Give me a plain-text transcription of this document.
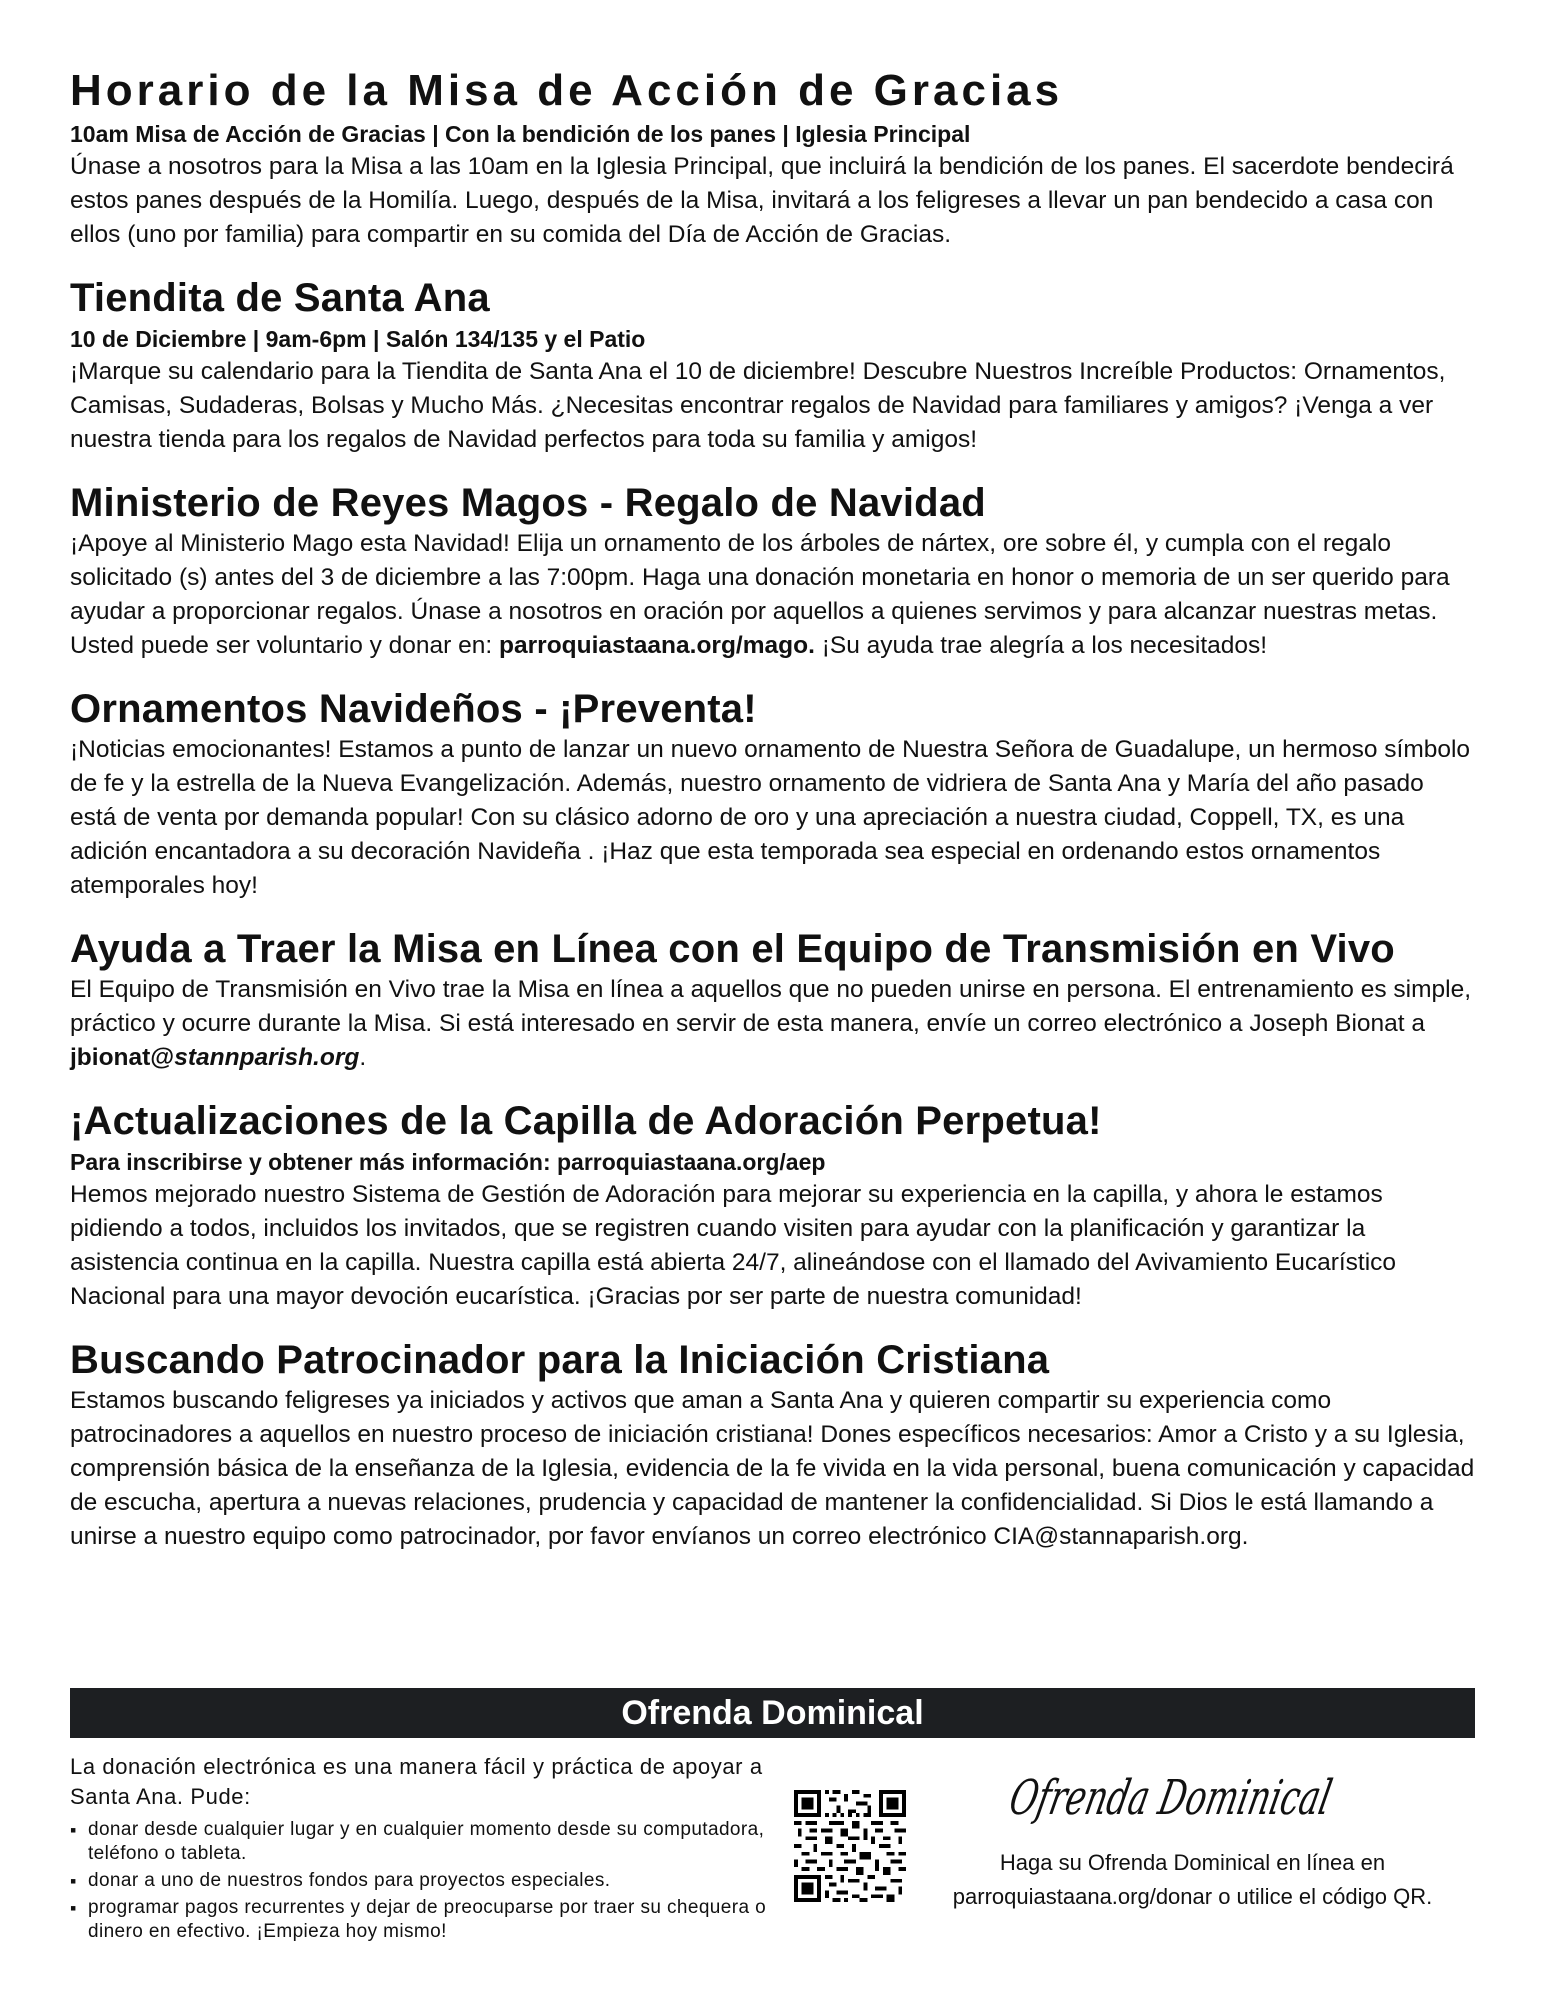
Horario de la Misa de Acción de Gracias
10am Misa de Acción de Gracias | Con la bendición de los panes | Iglesia Principal

Únase a nosotros para la Misa a las 10am en la Iglesia Principal, que incluirá la bendición de los panes. El sacerdote bendecirá estos panes después de la Homilía. Luego, después de la Misa, invitará a los feligreses a llevar un pan bendecido a casa con ellos (uno por familia) para compartir en su comida del Día de Acción de Gracias.

Tiendita de Santa Ana
10 de Diciembre | 9am-6pm | Salón 134/135 y el Patio

¡Marque su calendario para la Tiendita de Santa Ana el 10 de diciembre! Descubre Nuestros Increíble Productos: Ornamentos, Camisas, Sudaderas, Bolsas y Mucho Más. ¿Necesitas encontrar regalos de Navidad para familiares y amigos? ¡Venga a ver nuestra tienda para los regalos de Navidad perfectos para toda su familia y amigos!

Ministerio de Reyes Magos - Regalo de Navidad

¡Apoye al Ministerio Mago esta Navidad! Elija un ornamento de los árboles de nártex, ore sobre él, y cumpla con el regalo solicitado (s) antes del 3 de diciembre a las 7:00pm. Haga una donación monetaria en honor o memoria de un ser querido para ayudar a proporcionar regalos. Únase a nosotros en oración por aquellos a quienes servimos y para alcanzar nuestras metas. Usted puede ser voluntario y donar en: parroquiastaana.org/mago. ¡Su ayuda trae alegría a los necesitados!

Ornamentos Navideños - ¡Preventa!

¡Noticias emocionantes! Estamos a punto de lanzar un nuevo ornamento de Nuestra Señora de Guadalupe, un hermoso símbolo de fe y la estrella de la Nueva Evangelización. Además, nuestro ornamento de vidriera de Santa Ana y María del año pasado está de venta por demanda popular! Con su clásico adorno de oro y una apreciación a nuestra ciudad, Coppell, TX, es una adición encantadora a su decoración Navideña . ¡Haz que esta temporada sea especial en ordenando estos ornamentos atemporales hoy!

Ayuda a Traer la Misa en Línea con el Equipo de Transmisión en Vivo

El Equipo de Transmisión en Vivo trae la Misa en línea a aquellos que no pueden unirse en persona. El entrenamiento es simple, práctico y ocurre durante la Misa. Si está interesado en servir de esta manera, envíe un correo electrónico a Joseph Bionat a jbionat@stannparish.org.

¡Actualizaciones de la Capilla de Adoración Perpetua!
Para inscribirse y obtener más información: parroquiastaana.org/aep

Hemos mejorado nuestro Sistema de Gestión de Adoración para mejorar su experiencia en la capilla, y ahora le estamos pidiendo a todos, incluidos los invitados, que se registren cuando visiten para ayudar con la planificación y garantizar la asistencia continua en la capilla. Nuestra capilla está abierta 24/7, alineándose con el llamado del Avivamiento Eucarístico Nacional para una mayor devoción eucarística. ¡Gracias por ser parte de nuestra comunidad!

Buscando Patrocinador para la Iniciación Cristiana

Estamos buscando feligreses ya iniciados y activos que aman a Santa Ana y quieren compartir su experiencia como patrocinadores a aquellos en nuestro proceso de iniciación cristiana! Dones específicos necesarios: Amor a Cristo y a su Iglesia, comprensión básica de la enseñanza de la Iglesia, evidencia de la fe vivida en la vida personal, buena comunicación y capacidad de escucha, apertura a nuevas relaciones, prudencia y capacidad de mantener la confidencialidad. Si Dios le está llamando a unirse a nuestro equipo como patrocinador, por favor envíanos un correo electrónico CIA@stannaparish.org.

Ofrenda Dominical

La donación electrónica es una manera fácil y práctica de apoyar a Santa Ana. Pude:

▪ donar desde cualquier lugar y en cualquier momento desde su computadora, teléfono o tableta.
▪ donar a uno de nuestros fondos para proyectos especiales.
▪ programar pagos recurrentes y dejar de preocuparse por traer su chequera o dinero en efectivo. ¡Empieza hoy mismo!
Ofrenda Dominical
Haga su Ofrenda Dominical en línea en
parroquiastaana.org/donar o utilice el código QR.
